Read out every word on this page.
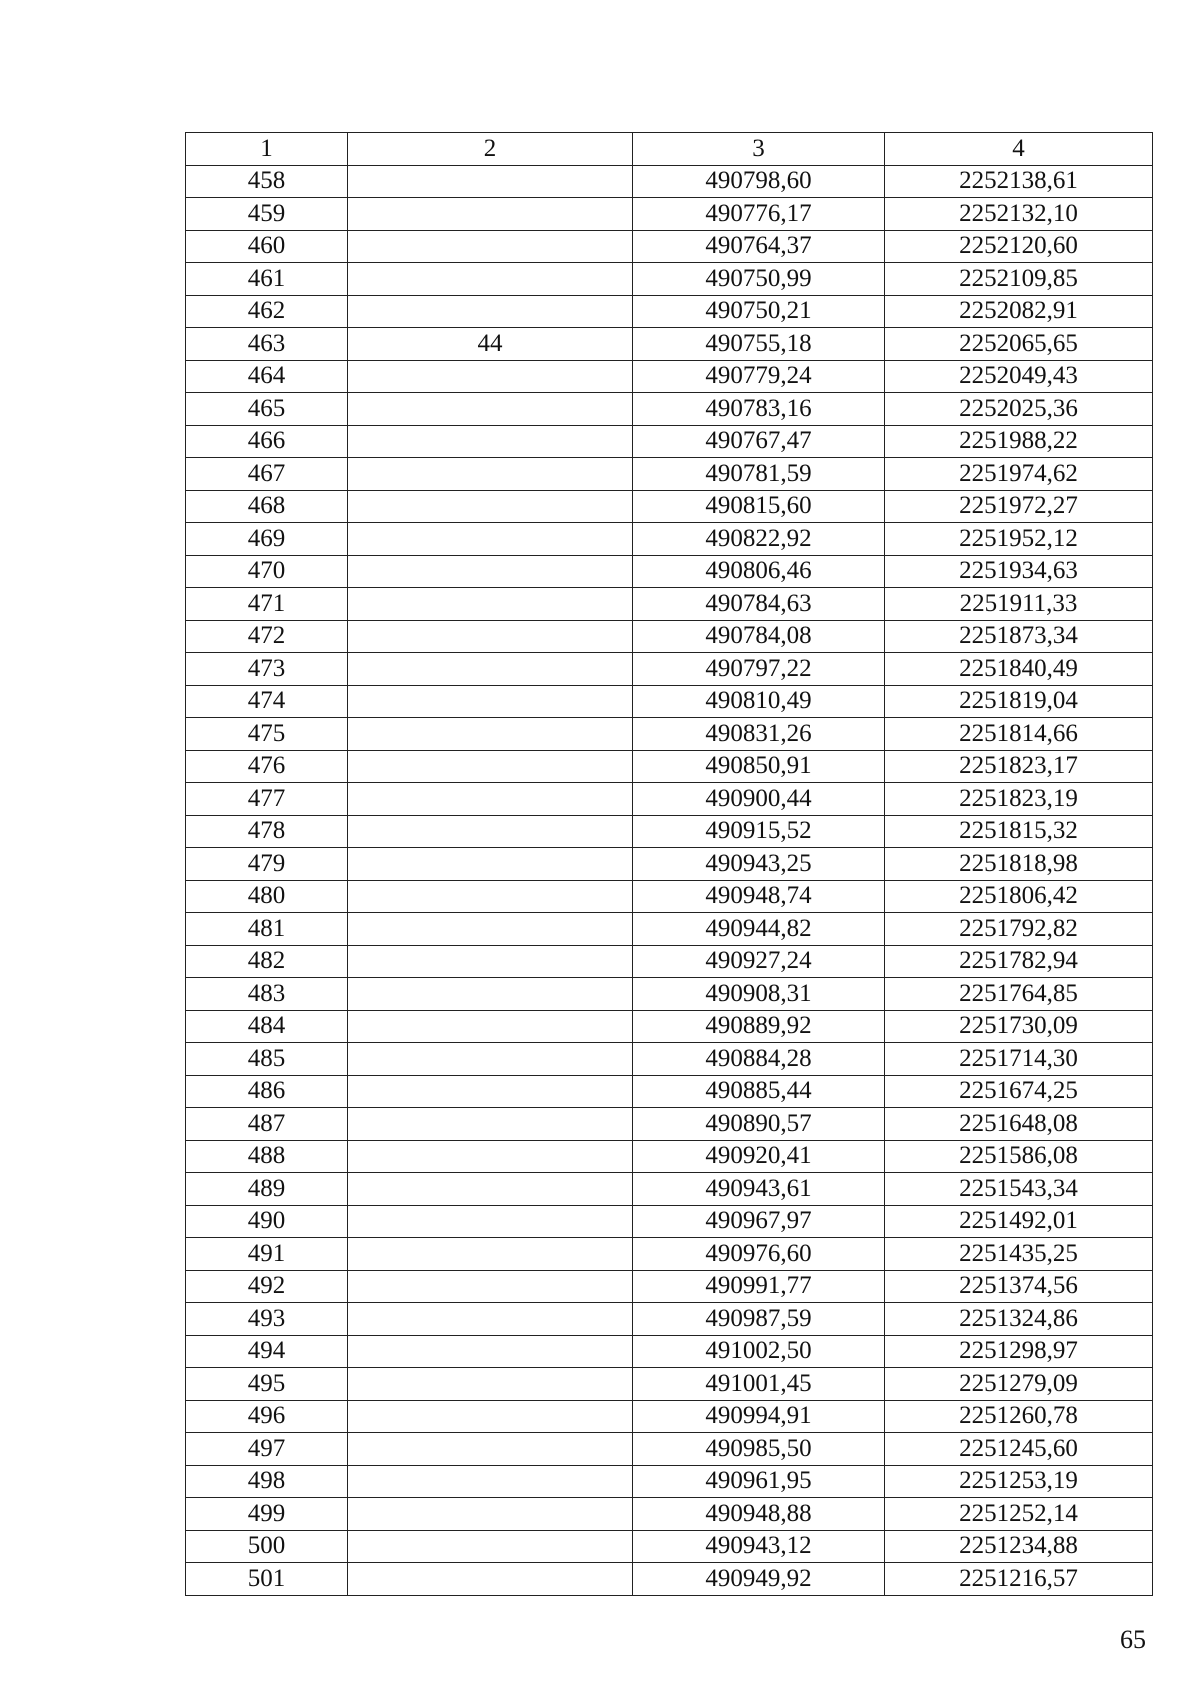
1	2	3	4
458		490798,60	2252138,61
459		490776,17	2252132,10
460		490764,37	2252120,60
461		490750,99	2252109,85
462		490750,21	2252082,91
463	44	490755,18	2252065,65
464		490779,24	2252049,43
465		490783,16	2252025,36
466		490767,47	2251988,22
467		490781,59	2251974,62
468		490815,60	2251972,27
469		490822,92	2251952,12
470		490806,46	2251934,63
471		490784,63	2251911,33
472		490784,08	2251873,34
473		490797,22	2251840,49
474		490810,49	2251819,04
475		490831,26	2251814,66
476		490850,91	2251823,17
477		490900,44	2251823,19
478		490915,52	2251815,32
479		490943,25	2251818,98
480		490948,74	2251806,42
481		490944,82	2251792,82
482		490927,24	2251782,94
483		490908,31	2251764,85
484		490889,92	2251730,09
485		490884,28	2251714,30
486		490885,44	2251674,25
487		490890,57	2251648,08
488		490920,41	2251586,08
489		490943,61	2251543,34
490		490967,97	2251492,01
491		490976,60	2251435,25
492		490991,77	2251374,56
493		490987,59	2251324,86
494		491002,50	2251298,97
495		491001,45	2251279,09
496		490994,91	2251260,78
497		490985,50	2251245,60
498		490961,95	2251253,19
499		490948,88	2251252,14
500		490943,12	2251234,88
501		490949,92	2251216,57
65
